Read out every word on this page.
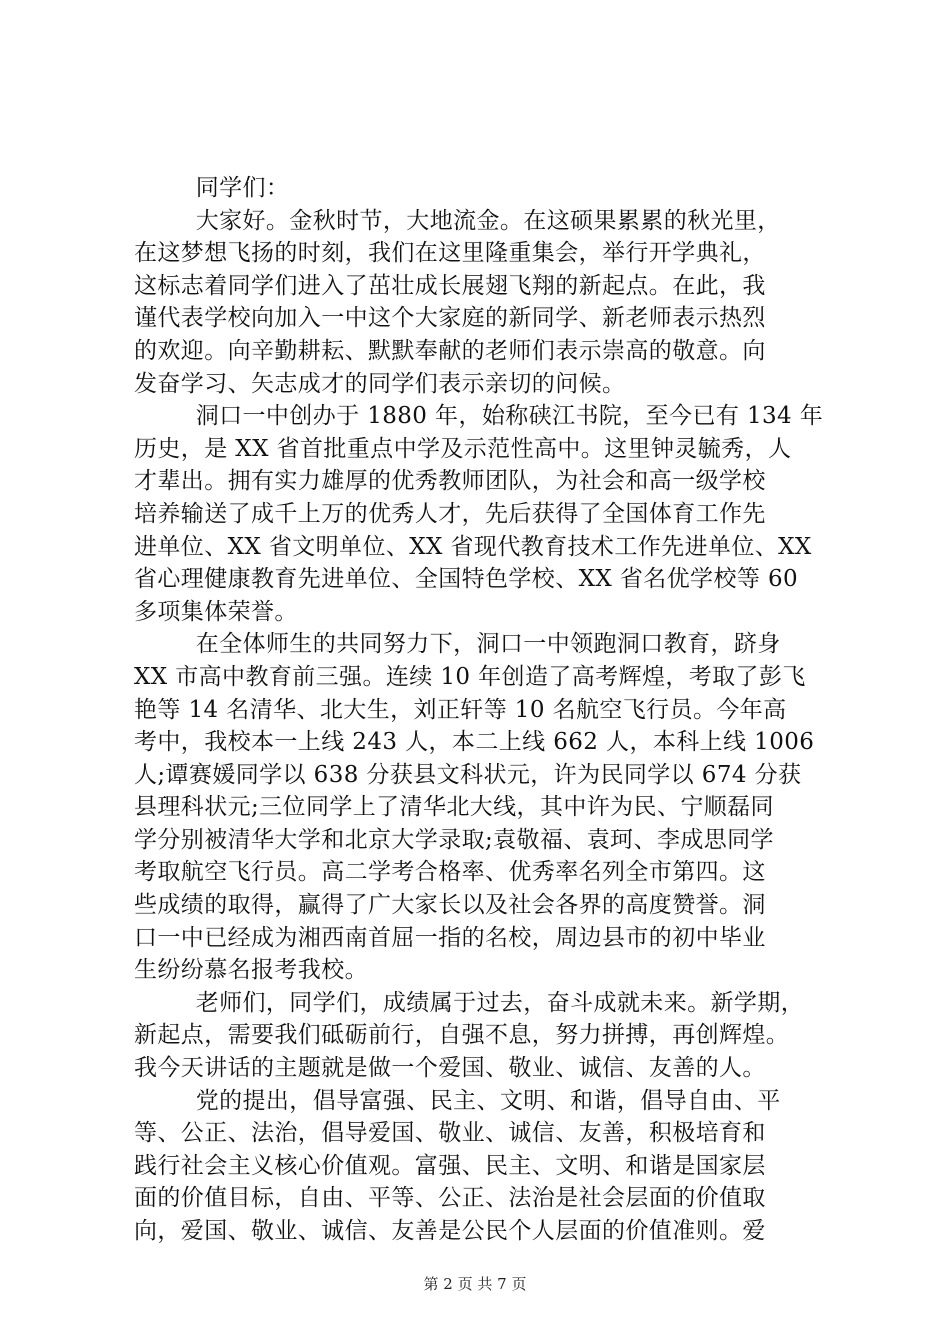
同学们：
大家好。金秋时节，大地流金。在这硕果累累的秋光里，
在这梦想飞扬的时刻，我们在这里隆重集会，举行开学典礼，
这标志着同学们进入了茁壮成长展翅飞翔的新起点。在此，我
谨代表学校向加入一中这个大家庭的新同学、新老师表示热烈
的欢迎。向辛勤耕耘、默默奉献的老师们表示崇高的敬意。向
发奋学习、矢志成才的同学们表示亲切的问候。
洞口一中创办于 1880 年，始称硖江书院，至今已有 134 年
历史，是 XX 省首批重点中学及示范性高中。这里钟灵毓秀，人
才辈出。拥有实力雄厚的优秀教师团队，为社会和高一级学校
培养输送了成千上万的优秀人才，先后获得了全国体育工作先
进单位、XX 省文明单位、XX 省现代教育技术工作先进单位、XX
省心理健康教育先进单位、全国特色学校、XX 省名优学校等 60
多项集体荣誉。
在全体师生的共同努力下，洞口一中领跑洞口教育，跻身
XX 市高中教育前三强。连续 10 年创造了高考辉煌，考取了彭飞
艳等 14 名清华、北大生，刘正轩等 10 名航空飞行员。今年高
考中，我校本一上线 243 人，本二上线 662 人，本科上线 1006
人;谭赛媛同学以 638 分获县文科状元，许为民同学以 674 分获
县理科状元;三位同学上了清华北大线，其中许为民、宁顺磊同
学分别被清华大学和北京大学录取;袁敬福、袁珂、李成思同学
考取航空飞行员。高二学考合格率、优秀率名列全市第四。这
些成绩的取得，赢得了广大家长以及社会各界的高度赞誉。洞
口一中已经成为湘西南首屈一指的名校，周边县市的初中毕业
生纷纷慕名报考我校。
老师们，同学们，成绩属于过去，奋斗成就未来。新学期，
新起点，需要我们砥砺前行，自强不息，努力拼搏，再创辉煌。
我今天讲话的主题就是做一个爱国、敬业、诚信、友善的人。
党的提出，倡导富强、民主、文明、和谐，倡导自由、平
等、公正、法治，倡导爱国、敬业、诚信、友善，积极培育和
践行社会主义核心价值观。富强、民主、文明、和谐是国家层
面的价值目标，自由、平等、公正、法治是社会层面的价值取
向，爱国、敬业、诚信、友善是公民个人层面的价值准则。爱
第 2 页 共 7 页
